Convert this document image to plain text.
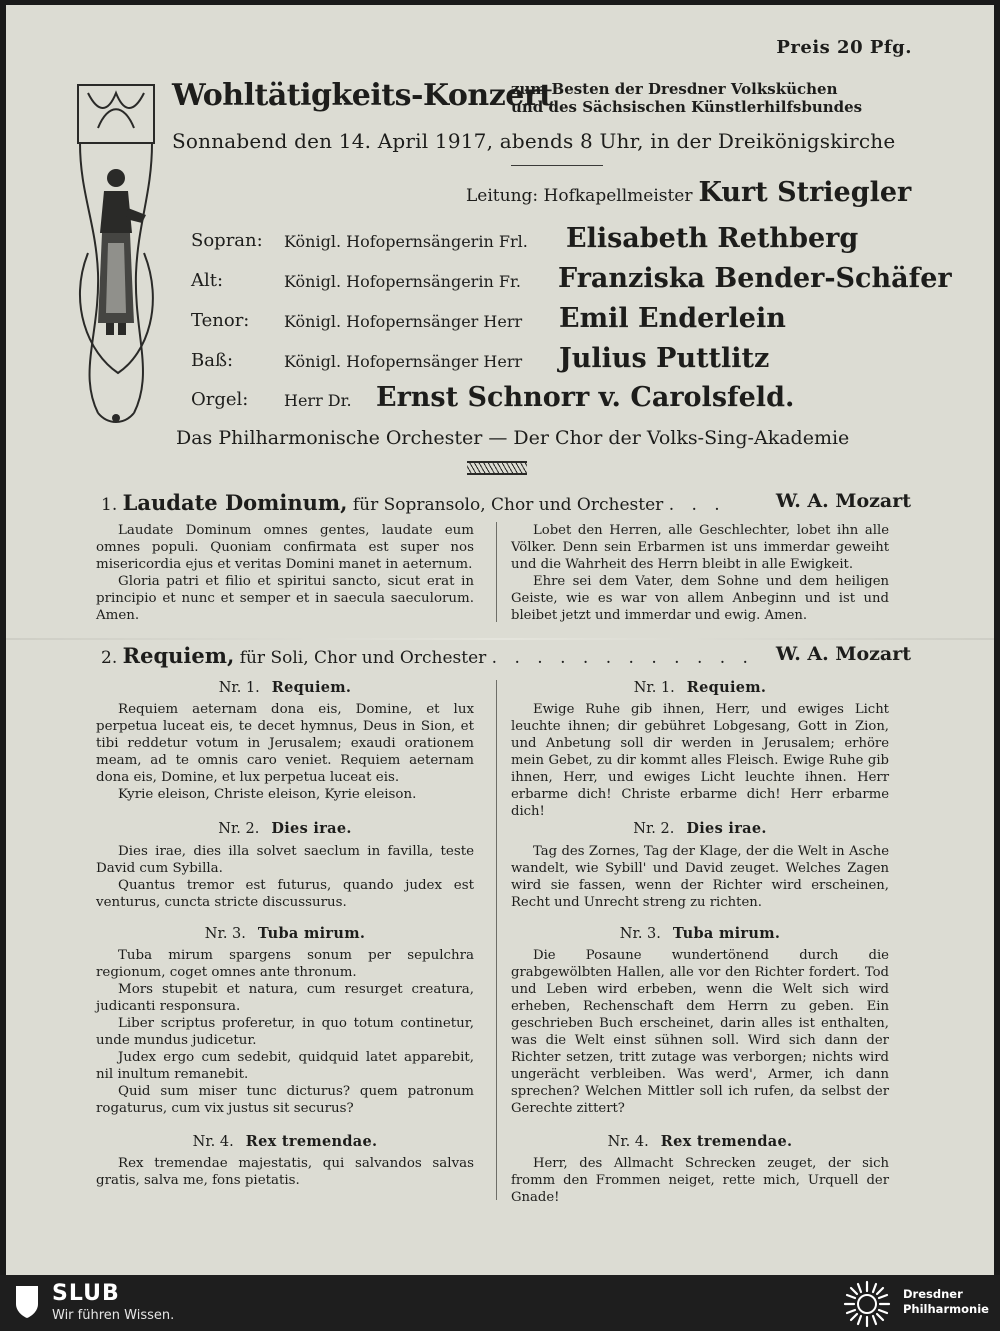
Preis 20 Pfg.
Wohltätigkeits-Konzert
zum Besten der Dresdner Volksküchen
und des Sächsischen Künstlerhilfsbundes
Sonnabend den 14. April 1917, abends 8 Uhr, in der Dreikönigskirche
Leitung: Hofkapellmeister Kurt Striegler
Sopran: Königl. Hofopernsängerin Frl. Elisabeth Rethberg
Alt:	Königl. Hofopernsängerin Fr. Franziska Bender-Schäfer
Tenor: Königl. Hofopernsänger Herr Emil Enderlein
Baß:	Königl. Hofopernsänger Herr Julius Puttlitz
Orgel: Herr Dr. Ernst Schnorr v. Carolsfeld.
Das Philharmonische Orchester — Der Chor der Volks-Sing-Akademie
1. Laudate Dominum, für Sopransolo, Chor und Orchester . . .	W. A. Mozart

Laudate Dominum omnes gentes, laudate eum omnes populi. Quoniam confirmata est super nos misericordia ejus et veritas Domini manet in aeternum.

Gloria patri et filio et spiritui sancto, sicut erat in principio et nunc et semper et in saecula saeculorum. Amen.

Lobet den Herren, alle Geschlechter, lobet ihn alle Völker. Denn sein Erbarmen ist uns immerdar geweiht und die Wahrheit des Herrn bleibt in alle Ewigkeit.

Ehre sei dem Vater, dem Sohne und dem heiligen Geiste, wie es war von allem Anbeginn und ist und bleibet jetzt und immerdar und ewig. Amen.

2. Requiem, für Soli, Chor und Orchester . . . . . . . . . . . . W. A. Mozart
Nr. 1. Requiem.	Nr. 1. Requiem.

Requiem aeternam dona eis, Domine, et lux perpetua luceat eis, te decet hymnus, Deus in Sion, et tibi reddetur votum in Jerusalem; exaudi orationem meam, ad te omnis caro veniet. Requiem aeternam dona eis, Domine, et lux perpetua luceat eis.

Kyrie eleison, Christe eleison, Kyrie eleison.

Ewige Ruhe gib ihnen, Herr, und ewiges Licht leuchte ihnen; dir gebühret Lobgesang, Gott in Zion, und Anbetung soll dir werden in Jerusalem; erhöre mein Gebet, zu dir kommt alles Fleisch. Ewige Ruhe gib ihnen, Herr, und ewiges Licht leuchte ihnen. Herr erbarme dich! Christe erbarme dich! Herr erbarme dich!

Nr. 2. Dies irae.	Nr. 2. Dies irae.

Dies irae, dies illa solvet saeclum in favilla, teste David cum Sybilla.

Quantus tremor est futurus, quando judex est venturus, cuncta stricte discussurus.

Tag des Zornes, Tag der Klage, der die Welt in Asche wandelt, wie Sybill' und David zeuget. Welches Zagen wird sie fassen, wenn der Richter wird erscheinen, Recht und Unrecht streng zu richten.

Nr. 3. Tuba mirum.	Nr. 3. Tuba mirum.

Tuba mirum spargens sonum per sepulchra regionum, coget omnes ante thronum.

Mors stupebit et natura, cum resurget creatura, judicanti responsura.

Liber scriptus proferetur, in quo totum continetur, unde mundus judicetur.

Judex ergo cum sedebit, quidquid latet apparebit, nil inultum remanebit.

Quid sum miser tunc dicturus? quem patronum rogaturus, cum vix justus sit securus?

Die Posaune wundertönend durch die grabgewölbten Hallen, alle vor den Richter fordert. Tod und Leben wird erbeben, wenn die Welt sich wird erheben, Rechenschaft dem Herrn zu geben. Ein geschrieben Buch erscheinet, darin alles ist enthalten, was die Welt einst sühnen soll. Wird sich dann der Richter setzen, tritt zutage was verborgen; nichts wird ungerächt verbleiben. Was werd', Armer, ich dann sprechen? Welchen Mittler soll ich rufen, da selbst der Gerechte zittert?

Nr. 4. Rex tremendae.	Nr. 4. Rex tremendae.

Rex tremendae majestatis, qui salvandos salvas gratis, salva me, fons pietatis.

Herr, des Allmacht Schrecken zeuget, der sich fromm den Frommen neiget, rette mich, Urquell der Gnade!

SLUB
Wir führen Wissen.
Dresdner
Philharmonie
